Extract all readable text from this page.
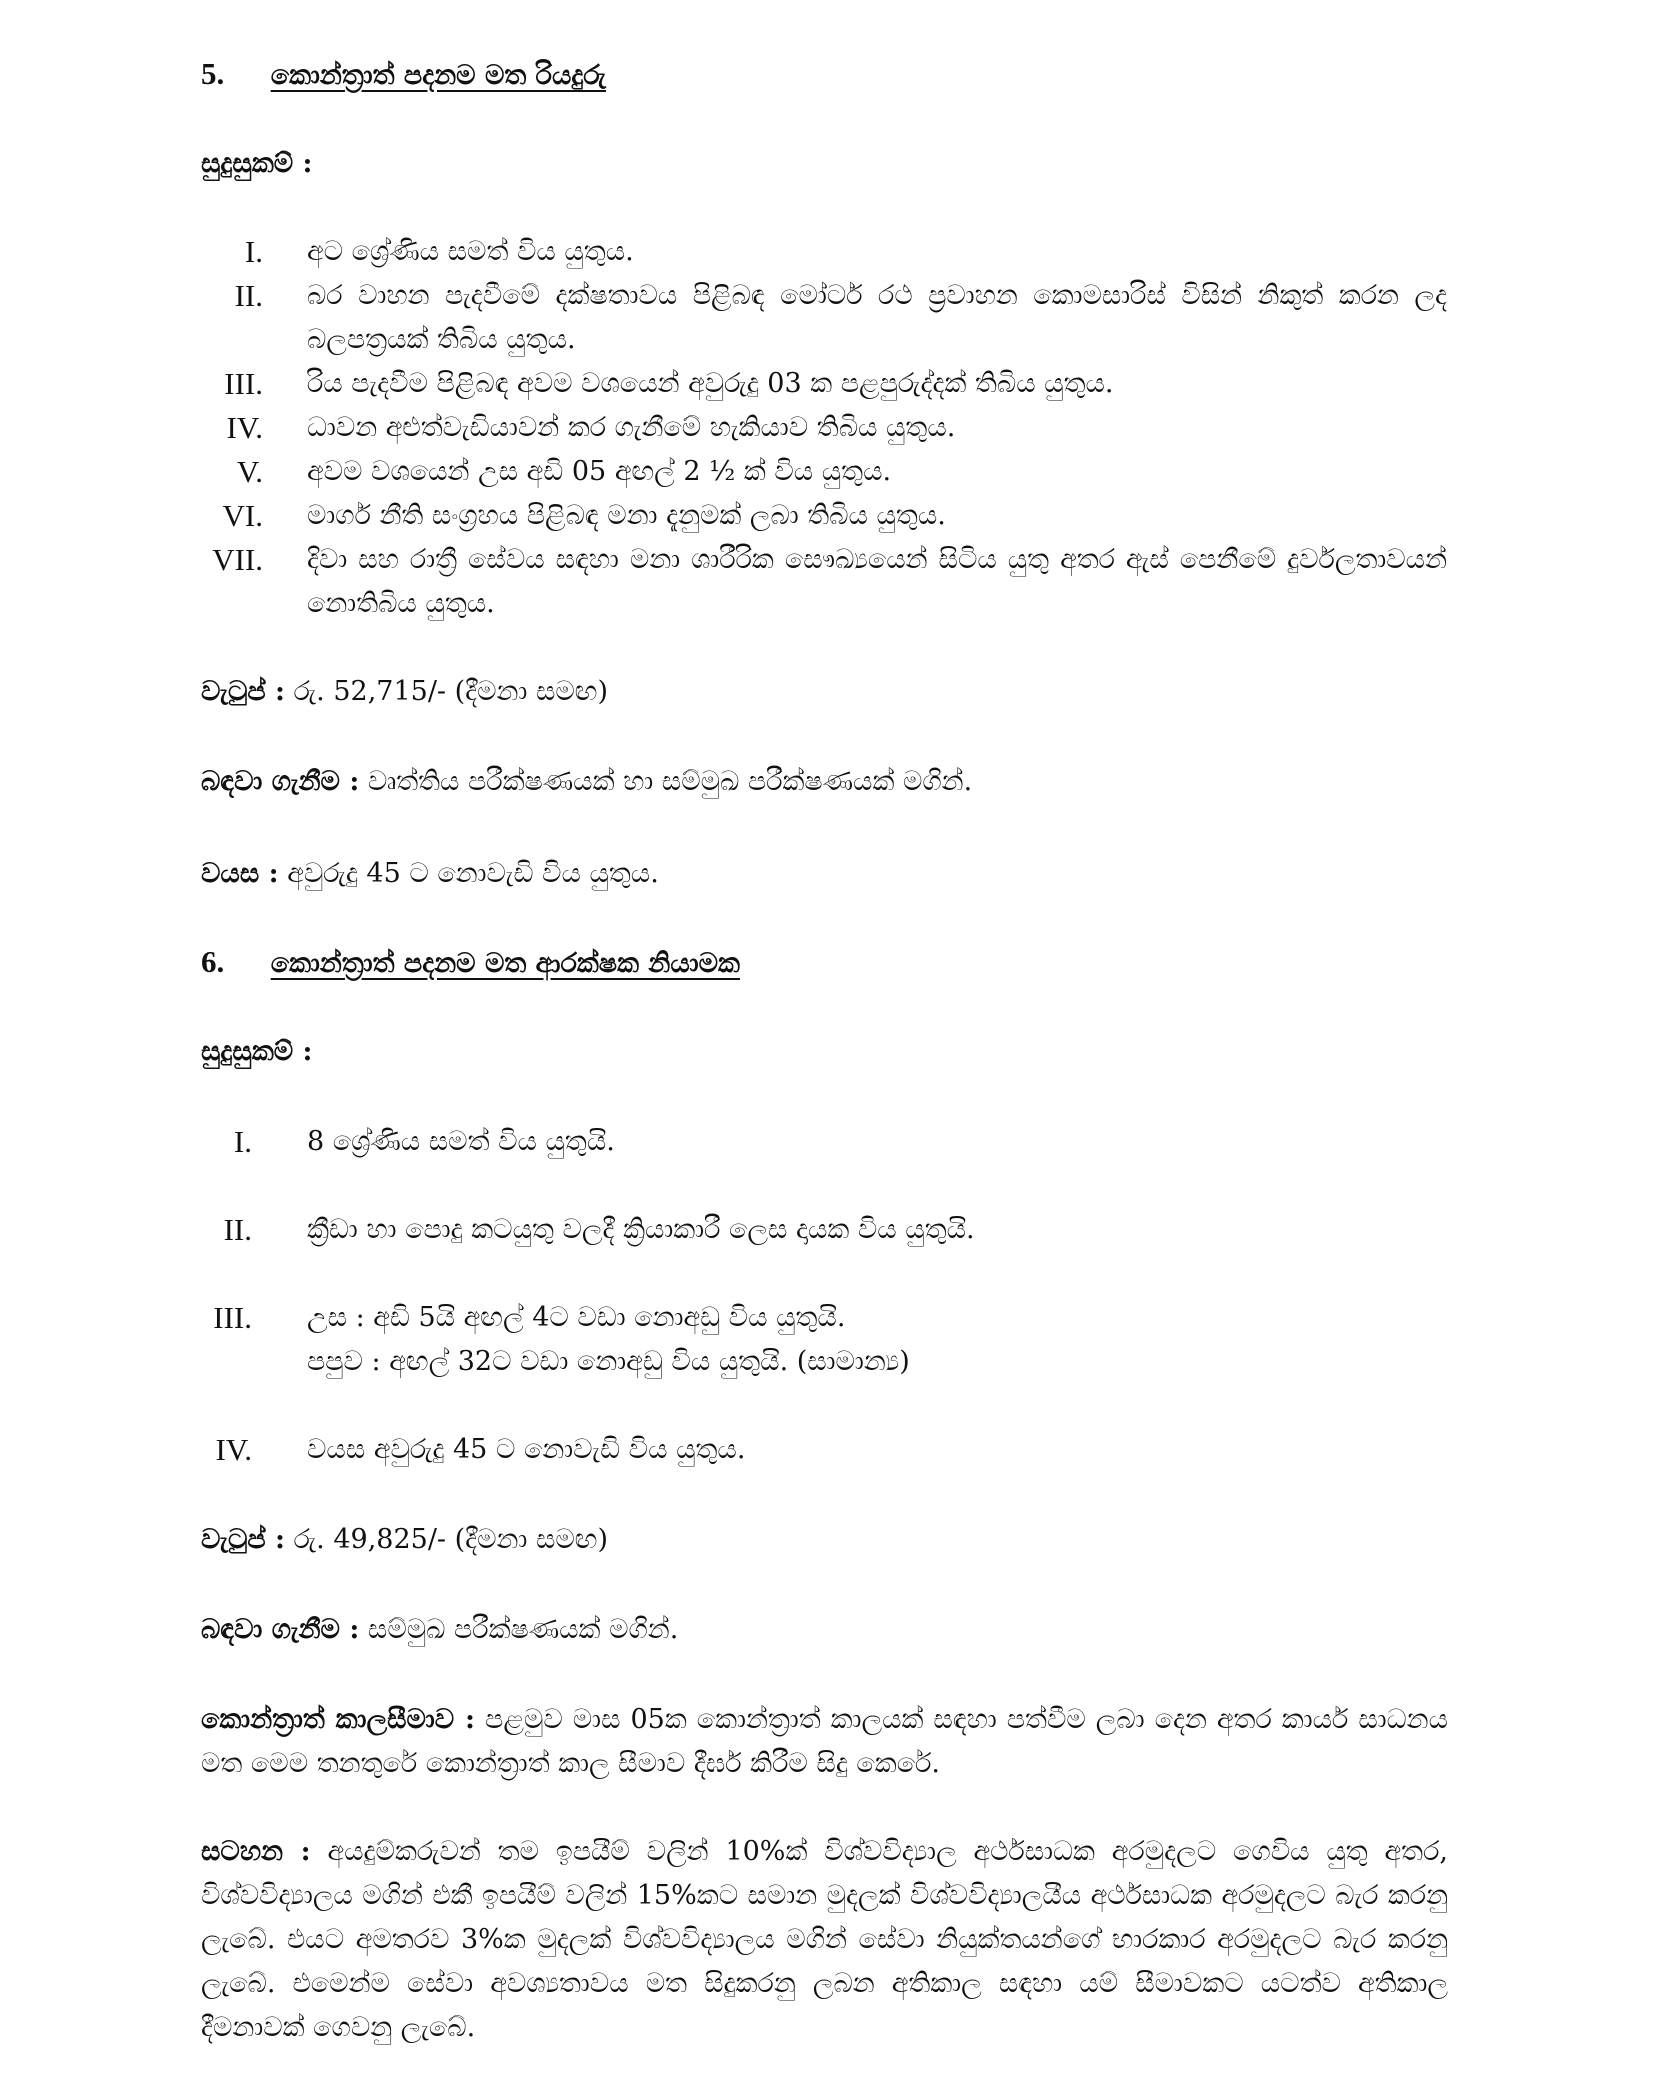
5. කොන්ත්‍රාත් පදනම මත රියදුරු
සුදුසුකම් :
I. අට ශ්‍රේණිය සමත් විය යුතුය.
II. බර වාහන පැදවීමේ දක්ෂතාවය පිළිබඳ මෝටර් රථ ප්‍රවාහන කොමසාරිස් විසින් නිකුත් කරන ලද බලපත්‍රයක් තිබිය යුතුය.
III. රිය පැදවීම පිළිබඳ අවම වශයෙන් අවුරුදු 03 ක පළපුරුද්දක් තිබිය යුතුය.
IV. ධාවන අළුත්වැඩියාවන් කර ගැනීමේ හැකියාව තිබිය යුතුය.
V. අවම වශයෙන් උස අඩි 05 අඟල් 2 ½ ක් විය යුතුය.
VI. මාර්ග නීති සංග්‍රහය පිළිබඳ මනා දැනුමක් ලබා තිබිය යුතුය.
VII. දිවා සහ රාත්‍රී සේවය සඳහා මනා ශාරීරික සෞඛ්‍යයෙන් සිටිය යුතු අතර ඇස් පෙනීමේ දුර්වලතාවයන් නොතිබිය යුතුය.
වැටුප් : රු. 52,715/- (දීමනා සමඟ)
බඳවා ගැනීම : වෘත්තිය පරීක්ෂණයක් හා සම්මුඛ පරීක්ෂණයක් මගින්.
වයස : අවුරුදු 45 ට නොවැඩි විය යුතුය.
6. කොන්ත්‍රාත් පදනම මත ආරක්ෂක නියාමක
සුදුසුකම් :
I. 8 ශ්‍රේණිය සමත් විය යුතුයි.
II. ක්‍රීඩා හා පොදු කටයුතු වලදී ක්‍රියාකාරී ලෙස දායක විය යුතුයි.
III. උස : අඩි 5යි අඟල් 4ට වඩා නොඅඩු විය යුතුයි.
පපුව : අඟල් 32ට වඩා නොඅඩු විය යුතුයි. (සාමාන්‍ය)
IV. වයස අවුරුදු 45 ට නොවැඩි විය යුතුය.
වැටුප් : රු. 49,825/- (දීමනා සමඟ)
බඳවා ගැනීම : සම්මුඛ පරීක්ෂණයක් මගින්.
කොන්ත්‍රාත් කාලසීමාව : පළමුව මාස 05ක කොන්ත්‍රාත් කාලයක් සඳහා පත්වීම ලබා දෙන අතර කාර්ය සාධනය මත මෙම තනතුරේ කොන්ත්‍රාත් කාල සීමාව දීර්ඝ කිරීම සිදු කෙරේ.
සටහන : අයදුම්කරුවන් තම ඉපයීම් වලින් 10%ක් විශ්වවිද්‍යාල අර්ථසාධක අරමුදලට ගෙවිය යුතු අතර, විශ්වවිද්‍යාලය මගින් එකී ඉපයීම් වලින් 15%කට සමාන මුදලක් විශ්වවිද්‍යාලයීය අර්ථසාධක අරමුදලට බැර කරනු ලැබේ. එයට අමතරව 3%ක මුදලක් විශ්වවිද්‍යාලය මගින් සේවා නියුක්තයන්ගේ භාරකාර අරමුදලට බැර කරනු ලැබේ. එමෙන්ම සේවා අවශ්‍යතාවය මත සිදුකරනු ලබන අතිකාල සඳහා යම් සීමාවකට යටත්ව අතිකාල දීමනාවක් ගෙවනු ලැබේ.
